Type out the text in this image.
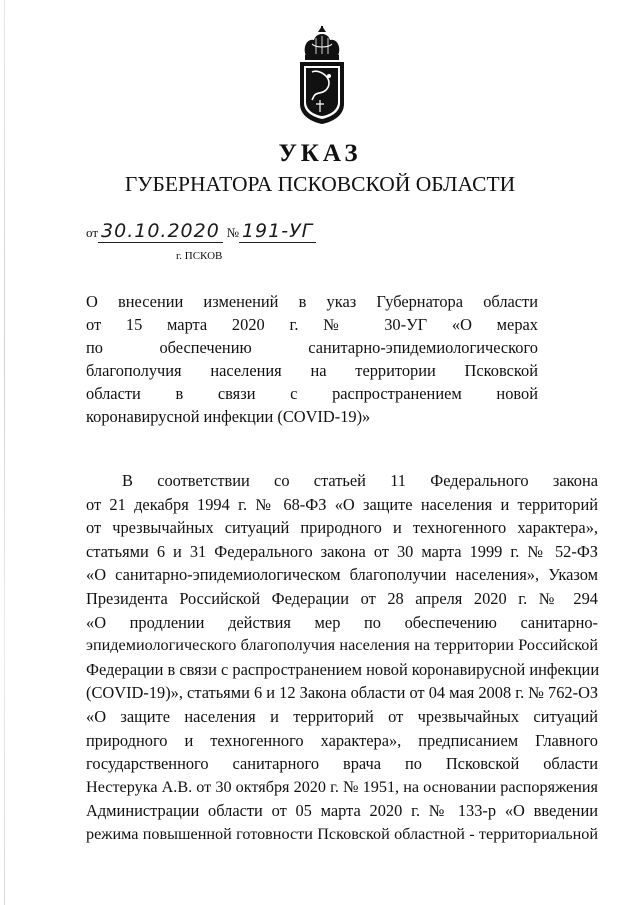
УКАЗ
ГУБЕРНАТОРА ПСКОВСКОЙ ОБЛАСТИ
от 30.10.2020 № 191-УГ
г. ПСКОВ
О внесении изменений в указ Губернатора области
от 15 марта 2020 г. № 30-УГ «О мерах
по обеспечению санитарно-эпидемиологического
благополучия населения на территории Псковской
области в связи с распространением новой
коронавирусной инфекции (COVID-19)»
В соответствии со статьей 11 Федерального закона
от 21 декабря 1994 г. № 68-ФЗ «О защите населения и территорий
от чрезвычайных ситуаций природного и техногенного характера»,
статьями 6 и 31 Федерального закона от 30 марта 1999 г. № 52-ФЗ
«О санитарно-эпидемиологическом благополучии населения», Указом
Президента Российской Федерации от 28 апреля 2020 г. № 294
«О продлении действия мер по обеспечению санитарно-
эпидемиологического благополучия населения на территории Российской
Федерации в связи с распространением новой коронавирусной инфекции
(COVID-19)», статьями 6 и 12 Закона области от 04 мая 2008 г. № 762-ОЗ
«О защите населения и территорий от чрезвычайных ситуаций
природного и техногенного характера», предписанием Главного
государственного санитарного врача по Псковской области
Нестерука А.В. от 30 октября 2020 г. № 1951, на основании распоряжения
Администрации области от 05 марта 2020 г. № 133-р «О введении
режима повышенной готовности Псковской областной - территориальной
